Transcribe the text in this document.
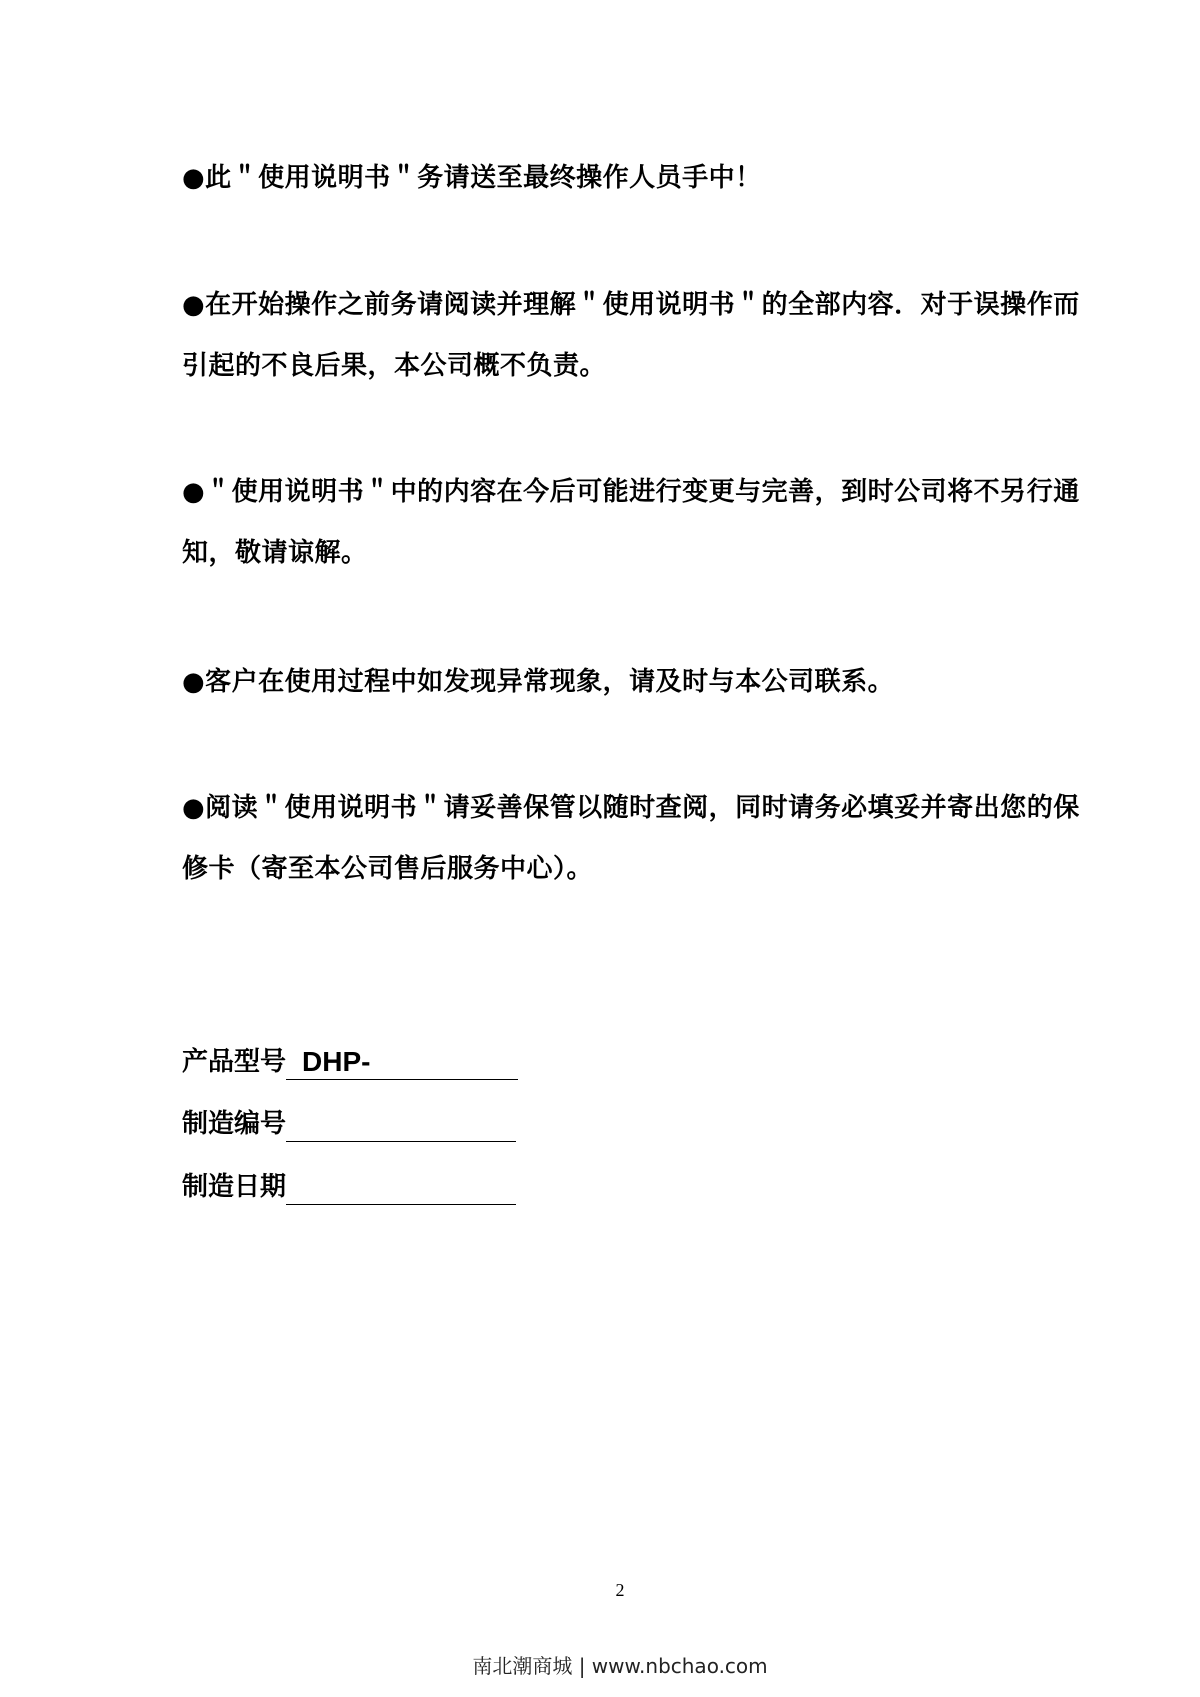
●此＂使用说明书＂务请送至最终操作人员手中！
●在开始操作之前务请阅读并理解＂使用说明书＂的全部内容．对于误操作而引起的不良后果，本公司概不负责。
●＂使用说明书＂中的内容在今后可能进行变更与完善，到时公司将不另行通知，敬请谅解。
●客户在使用过程中如发现异常现象，请及时与本公司联系。
●阅读＂使用说明书＂请妥善保管以随时查阅，同时请务必填妥并寄出您的保修卡（寄至本公司售后服务中心）。
产品型号 DHP-
制造编号
制造日期
2
南北潮商城 | www.nbchao.com
